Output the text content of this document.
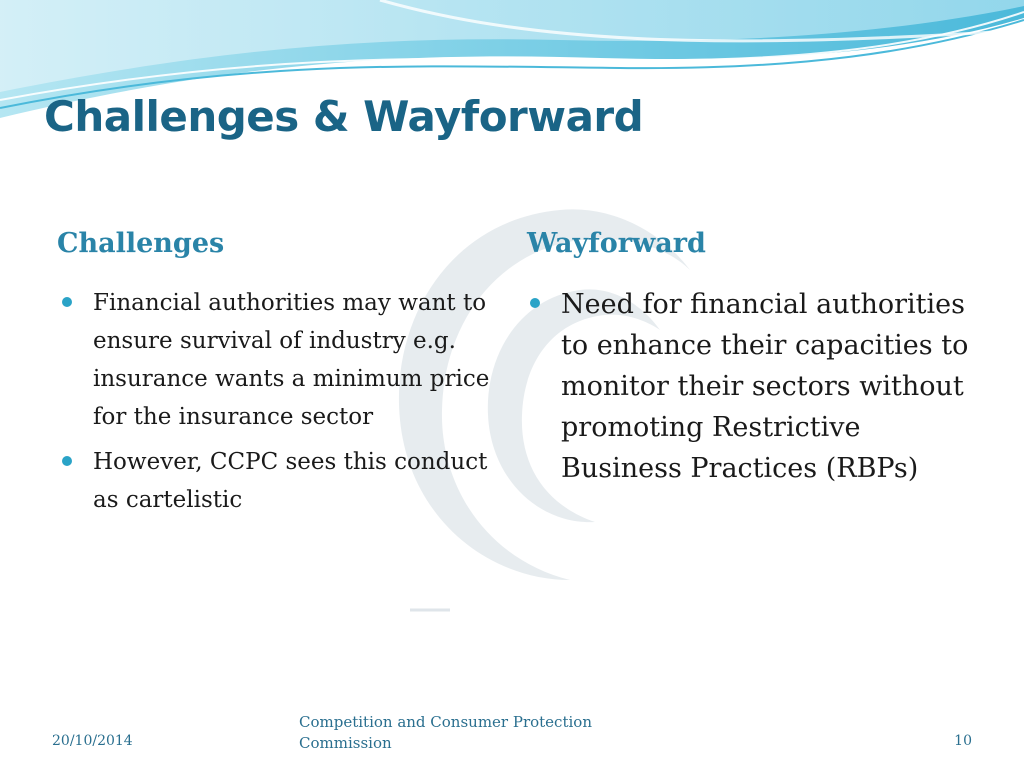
Challenges & Wayforward
Challenges
Financial authorities may want to ensure survival of industry e.g. insurance wants a minimum price for the insurance sector
However, CCPC sees this conduct as cartelistic
Wayforward
Need for financial authorities to enhance their capacities to monitor their sectors without promoting Restrictive Business Practices (RBPs)
20/10/2014
Competition and Consumer Protection Commission	10
